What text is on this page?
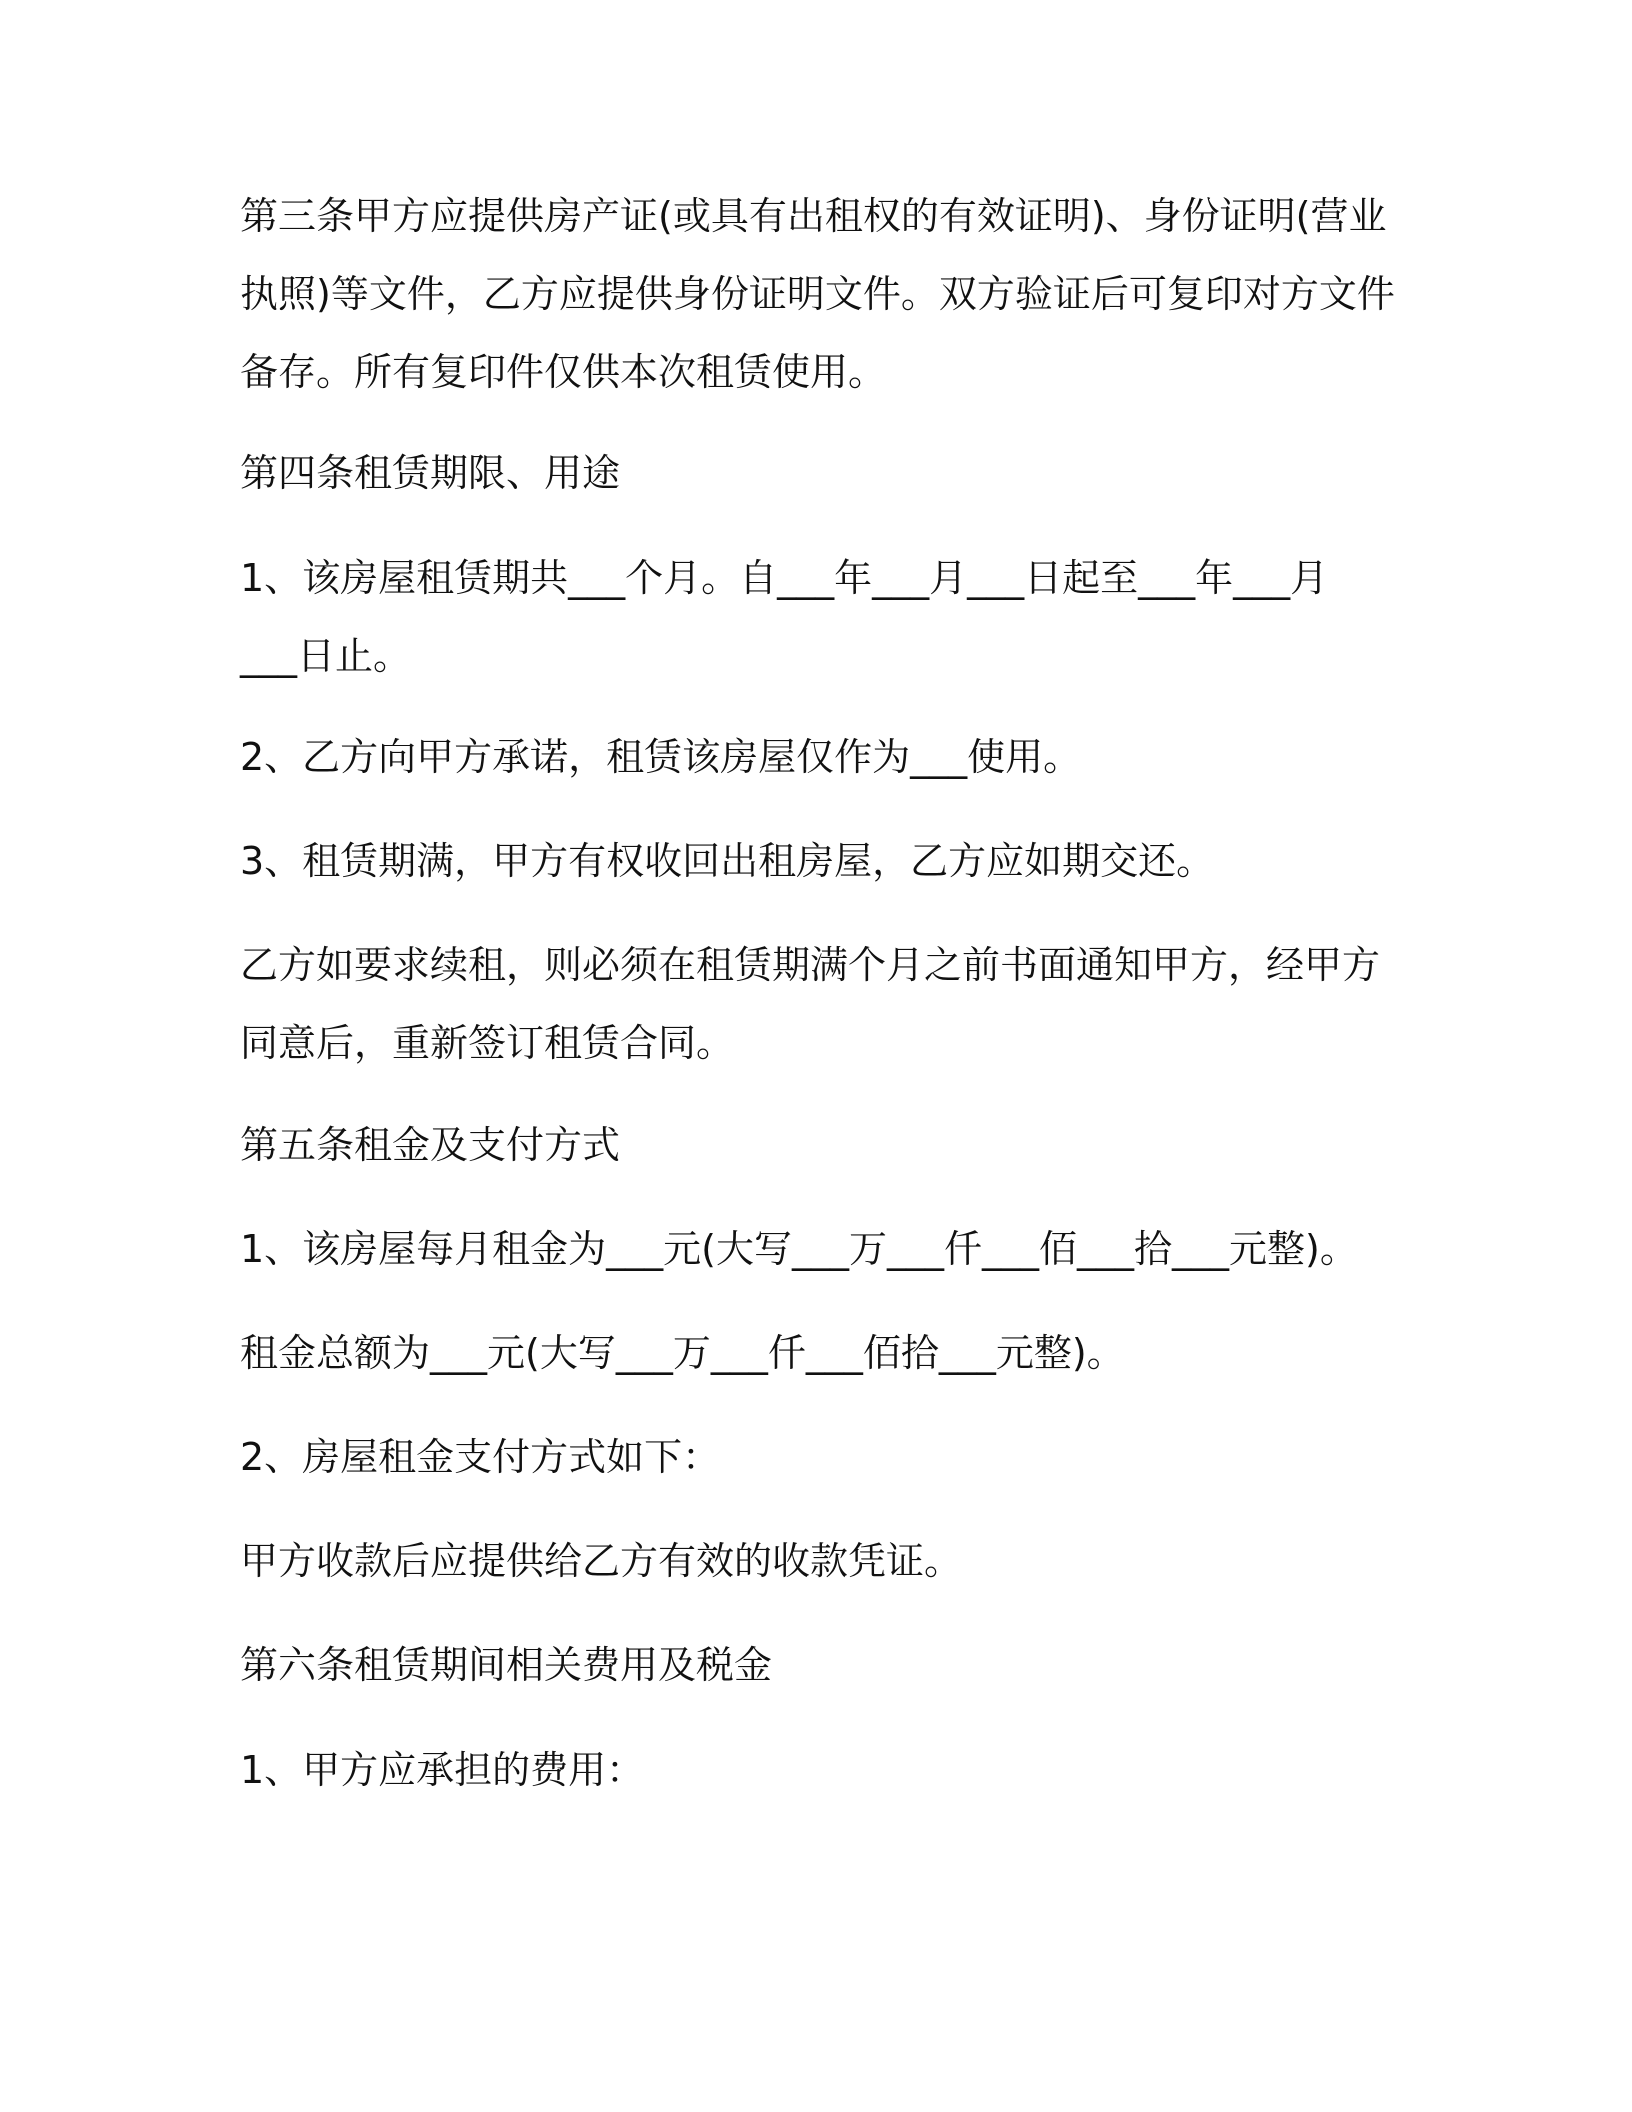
第三条甲方应提供房产证(或具有出租权的有效证明)、身份证明(营业
执照)等文件，乙方应提供身份证明文件。双方验证后可复印对方文件
备存。所有复印件仅供本次租赁使用。

第四条租赁期限、用途

1、该房屋租赁期共___个月。自___年___月___日起至___年___月
___日止。

2、乙方向甲方承诺，租赁该房屋仅作为___使用。

3、租赁期满，甲方有权收回出租房屋，乙方应如期交还。

乙方如要求续租，则必须在租赁期满个月之前书面通知甲方，经甲方
同意后，重新签订租赁合同。

第五条租金及支付方式

1、该房屋每月租金为___元(大写___万___仟___佰___拾___元整)。

租金总额为___元(大写___万___仟___佰拾___元整)。

2、房屋租金支付方式如下：

甲方收款后应提供给乙方有效的收款凭证。

第六条租赁期间相关费用及税金

1、甲方应承担的费用：
